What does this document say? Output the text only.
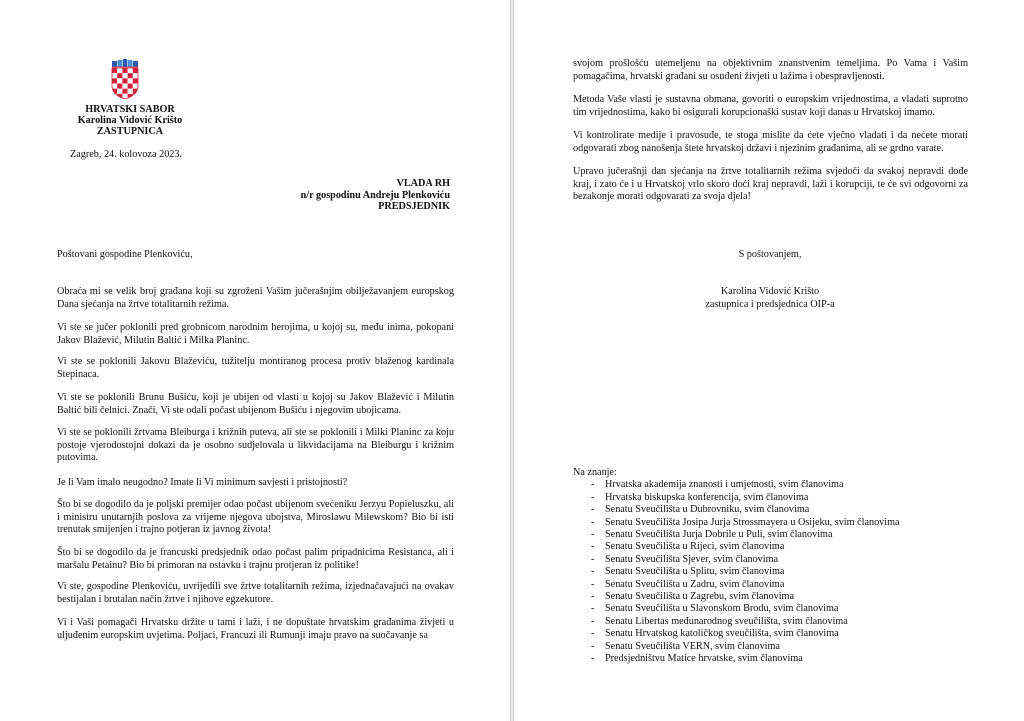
HRVATSKI SABOR

Karolina Vidović Krišto

ZASTUPNICA

Zagreb, 24. kolovoza 2023.

VLADA RH

n/r gospodinu Andreju Plenkoviću

PREDSJEDNIK

Poštovani gospodine Plenkoviću,

Obraća mi se velik broj građana koji su zgroženi Vašim jučerašnjim obilježavanjem europskog Dana sjećanja na žrtve totalitarnih režima.

Vi ste se jučer poklonili pred grobnicom narodnim herojima, u kojoj su, među inima, pokopani Jakov Blažević, Milutin Baltić i Milka Planinc.

Vi ste se poklonili Jakovu Blaževiću, tužitelju montiranog procesa protiv blaženog kardinala Stepinaca.

Vi ste se poklonili Brunu Bušiću, koji je ubijen od vlasti u kojoj su Jakov Blažević i Milutin Baltić bili čelnici. Znači, Vi ste odali počast ubijenom Bušiću i njegovim ubojicama.

Vi ste se poklonili žrtvama Bleiburga i križnih puteva, ali ste se poklonili i Milki Planinc za koju postoje vjerodostojni dokazi da je osobno sudjelovala u likvidacijama na Bleiburgu i križnim putovima.

Je li Vam imalo neugodno? Imate li Vi minimum savjesti i pristojnosti?

Što bi se dogodilo da je poljski premijer odao počast ubijenom svećeniku Jerzyu Popieluszku, ali i ministru unutarnjih poslova za vrijeme njegova ubojstva, Miroslawu Milewskom? Bio bi isti trenutak smijenjen i trajno potjeran iz javnog života!

Što bi se dogodilo da je francuski predsjednik odao počast palim pripadnicima Resistanca, ali i maršalu Petainu? Bio bi primoran na ostavku i trajnu protjeran iz politike!

Vi ste, gospodine Plenkoviću, uvrijedili sve žrtve totalitarnih režima, izjednačavajući na ovakav bestijalan i brutalan način žrtve i njihove egzekutore.

Vi i Vaši pomagači Hrvatsku držite u tami i laži, i ne dopuštate hrvatskim građanima živjeti u uljuđenim europskim uvjetima. Poljaci, Francuzi ili Rumunji imaju pravo na suočavanje sa

svojom prošlošću utemeljenu na objektivnim znanstvenim temeljima. Po Vama i Vašim pomagačima, hrvatski građani su osuđeni živjeti u lažima i obespravljenosti.

Metoda Vaše vlasti je sustavna obmana, govoriti o europskim vrijednostima, a vladati suprotno tim vrijednostima, kako bi osigurali korupcionaški sustav koji danas u Hrvatskoj imamo.

Vi kontrolirate medije i pravosuđe, te stoga mislite da ćete vječno vladati i da nećete morati odgovarati zbog nanošenja štete hrvatskoj državi i njezinim građanima, ali se grdno varate.

Upravo jučerašnji dan sjećanja na žrtve totalitarnih režima svjedoči da svakoj nepravdi dođe kraj, i zato će i u Hrvatskoj vrlo skoro doći kraj nepravdi, laži i korupciji, te će svi odgovorni za bezakonje morati odgovarati za svoja djela!

S poštovanjem,

Karolina Vidović Krišto

zastupnica i predsjednica OIP-a

Na znanje:
- Hrvatska akademija znanosti i umjetnosti, svim članovima
- Hrvatska biskupska konferencija, svim članovima
- Senatu Sveučilišta u Dubrovniku, svim članovima
- Senatu Sveučilišta Josipa Jurja Strossmayera u Osijeku, svim članovima
- Senatu Sveučilišta Jurja Dobrile u Puli, svim članovima
- Senatu Sveučilišta u Rijeci, svim članovima
- Senatu Sveučilišta Sjever, svim članovima
- Senatu Sveučilišta u Splitu, svim članovima
- Senatu Sveučilišta u Zadru, svim članovima
- Senatu Sveučilišta u Zagrebu, svim članovima
- Senatu Sveučilišta u Slavonskom Brodu, svim članovima
- Senatu Libertas međunarodnog sveučilišta, svim članovima
- Senatu Hrvatskog katoličkog sveučilišta, svim članovima
- Senatu Sveučilišta VERN, svim članovima
- Predsjedništvu Matice hrvatske, svim članovima
